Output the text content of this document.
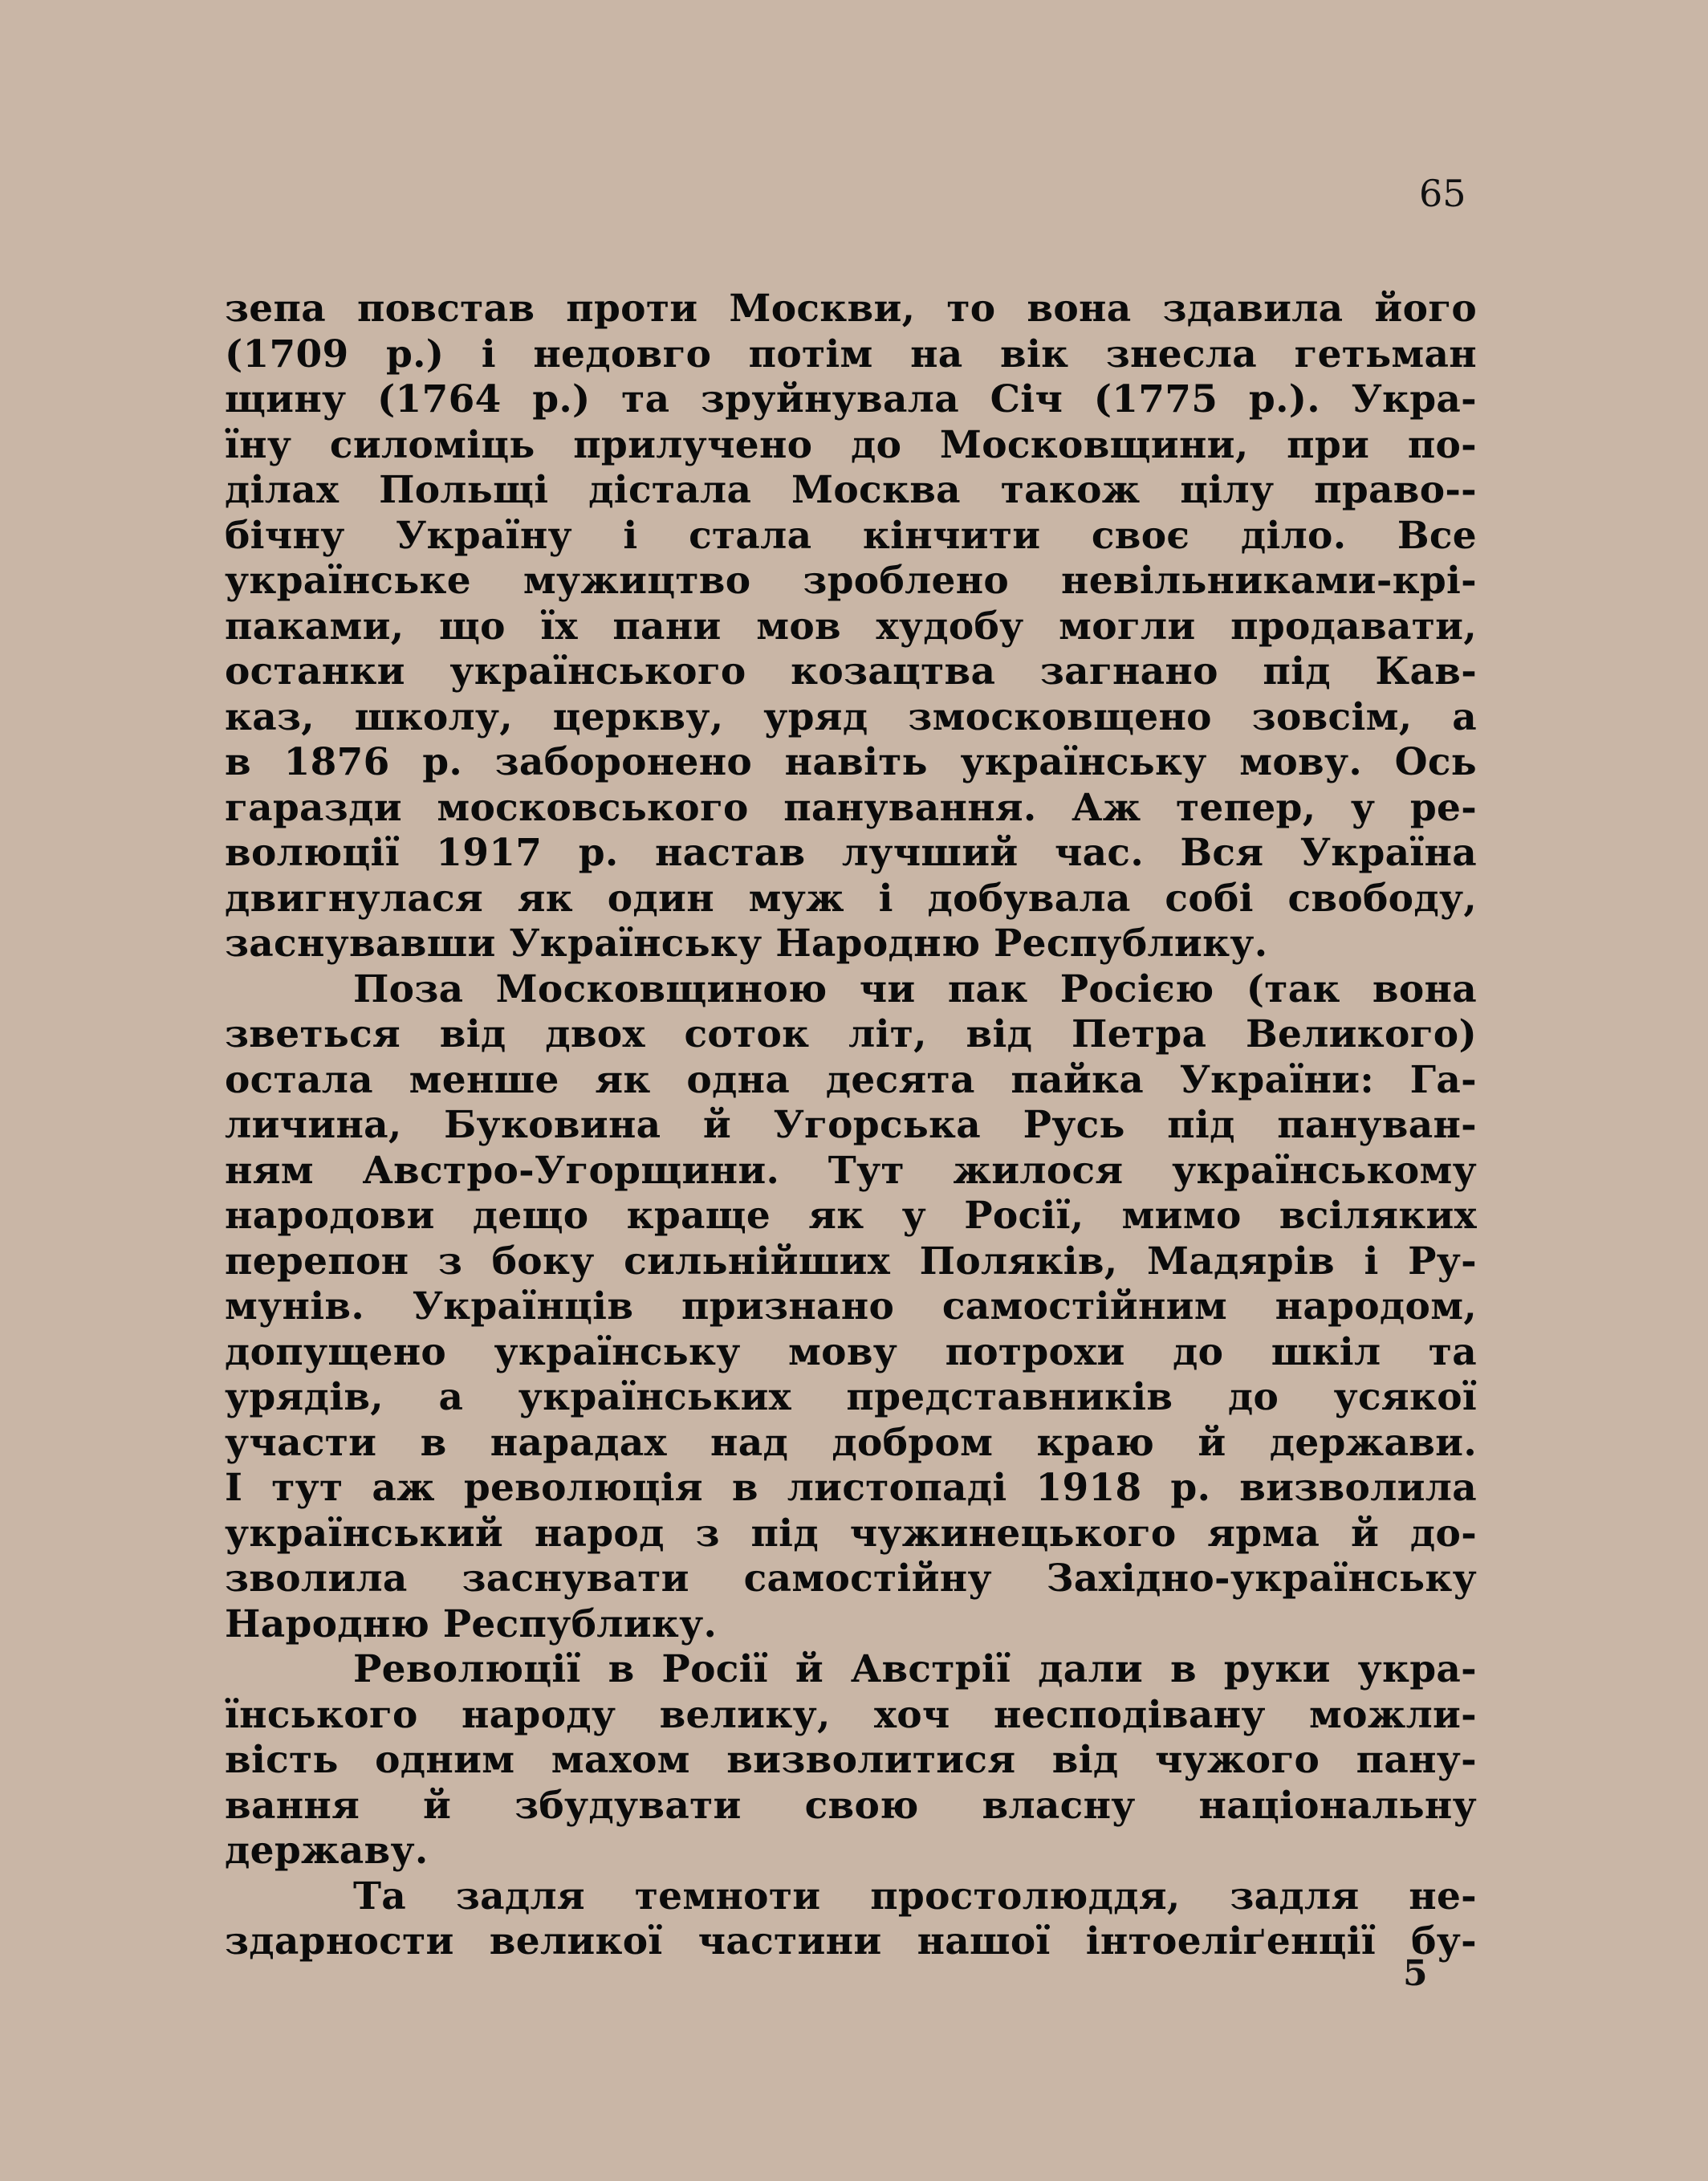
65
зепа повстав проти Москви, то вона здавила його
(1709 р.) і недовго потім на вік знесла гетьман
щину (1764 р.) та зруйнувала Січ (1775 р.). Укра-
їну силоміць прилучено до Московщини, при по-
ділах Польщі дістала Москва також цілу право--
бічну Україну і стала кінчити своє діло. Все
українське мужицтво зроблено невільниками-крі-
паками, що їх пани мов худобу могли продавати,
останки українського козацтва загнано під Кав-
каз, школу, церкву, уряд змосковщено зовсім, а
в 1876 р. заборонено навіть українську мову. Ось
гаразди московського панування. Аж тепер, у ре-
волюції 1917 р. настав лучший час. Вся Україна
двигнулася як один муж і добувала собі свободу,
заснувавши Українську Народню Республику.
Поза Московщиною чи пак Росією (так вона
зветься від двох соток літ, від Петра Великого)
остала менше як одна десята пайка України: Га-
личина, Буковина й Угорська Русь під пануван-
ням Австро-Угорщини. Тут жилося українському
народови дещо краще як у Росії, мимо всіляких
перепон з боку сильнійших Поляків, Мадярів і Ру-
мунів. Українців признано самостійним народом,
допущено українську мову потрохи до шкіл та
урядів, а українських представників до усякої
участи в нарадах над добром краю й держави.
І тут аж революція в листопаді 1918 р. визволила
український народ з під чужинецького ярма й до-
зволила заснувати самостійну Західно-українську
Народню Республику.
Революції в Росії й Австрії дали в руки укра-
їнського народу велику, хоч несподівану можли-
вість одним махом визволитися від чужого пану-
вання й збудувати свою власну національну
державу.
Та задля темноти простолюддя, задля не-
здарности великої частини нашої інтоеліґенції бу-
5
